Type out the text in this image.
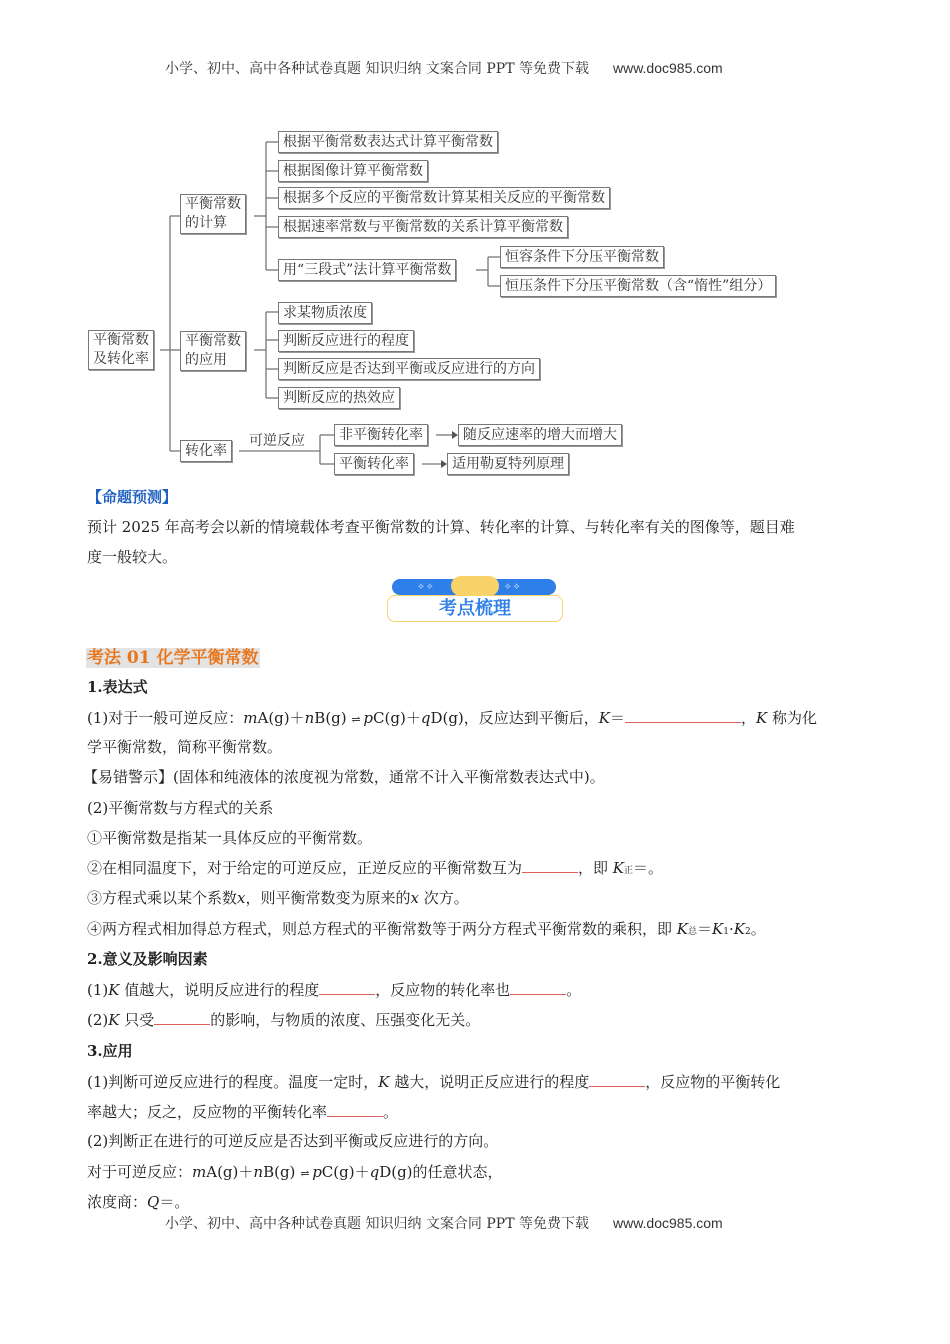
小学、初中、高中各种试卷真题 知识归纳 文案合同 PPT 等免费下载 www.doc985.com
平衡常数
及转化率
平衡常数
的计算
平衡常数
的应用
转化率
根据平衡常数表达式计算平衡常数
根据图像计算平衡常数
根据多个反应的平衡常数计算某相关反应的平衡常数
根据速率常数与平衡常数的关系计算平衡常数
用“三段式”法计算平衡常数
恒容条件下分压平衡常数
恒压条件下分压平衡常数（含“惰性”组分）
求某物质浓度
判断反应进行的程度
判断反应是否达到平衡或反应进行的方向
判断反应的热效应
可逆反应	非平衡转化率
平衡转化率
随反应速率的增大而增大
适用勒夏特列原理
【命题预测】
预计 2025 年高考会以新的情境载体考查平衡常数的计算、转化率的计算、与转化率有关的图像等，题目难
度一般较大。
⟡ ⟡	⟡ ⟡
考点梳理
考法 01 化学平衡常数
1.表达式
(1)对于一般可逆反应：mA(g)＋nB(g) ⇌ pC(g)＋qD(g)，反应达到平衡后，K＝	，K 称为化
学平衡常数，简称平衡常数。
【易错警示】(固体和纯液体的浓度视为常数，通常不计入平衡常数表达式中)。
(2)平衡常数与方程式的关系
①平衡常数是指某一具体反应的平衡常数。
②在相同温度下，对于给定的可逆反应，正逆反应的平衡常数互为	，即 K正＝。
③方程式乘以某个系数x，则平衡常数变为原来的x 次方。
④两方程式相加得总方程式，则总方程式的平衡常数等于两分方程式平衡常数的乘积，即 K总＝K1·K2。
2.意义及影响因素
(1)K 值越大，说明反应进行的程度	，反应物的转化率也	。
(2)K 只受	的影响，与物质的浓度、压强变化无关。
3.应用
(1)判断可逆反应进行的程度。温度一定时，K 越大，说明正反应进行的程度	，反应物的平衡转化
率越大；反之，反应物的平衡转化率	。
(2)判断正在进行的可逆反应是否达到平衡或反应进行的方向。
对于可逆反应：mA(g)＋nB(g) ⇌ pC(g)＋qD(g)的任意状态，
浓度商：Q＝。
小学、初中、高中各种试卷真题 知识归纳 文案合同 PPT 等免费下载 www.doc985.com
